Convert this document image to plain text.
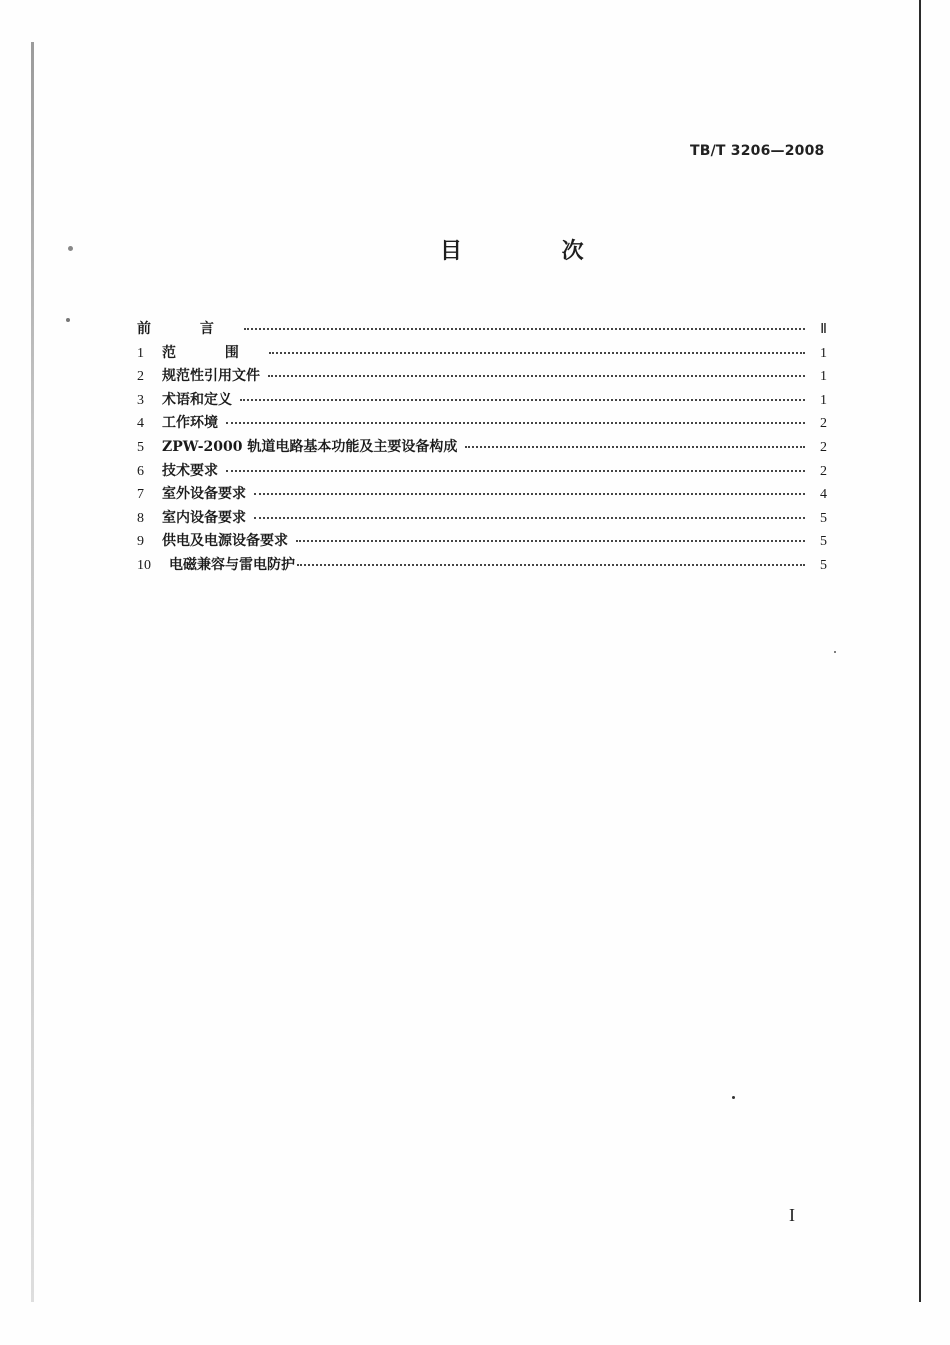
TB/T 3206—2008
目 次
前 言	Ⅱ
1	范 围	1
2	规范性引用文件	1
3	术语和定义	1
4	工作环境	2
5	ZPW-2000 轨道电路基本功能及主要设备构成	2
6	技术要求	2
7	室外设备要求	4
8	室内设备要求	5
9	供电及电源设备要求	5
10	电磁兼容与雷电防护	5
I
